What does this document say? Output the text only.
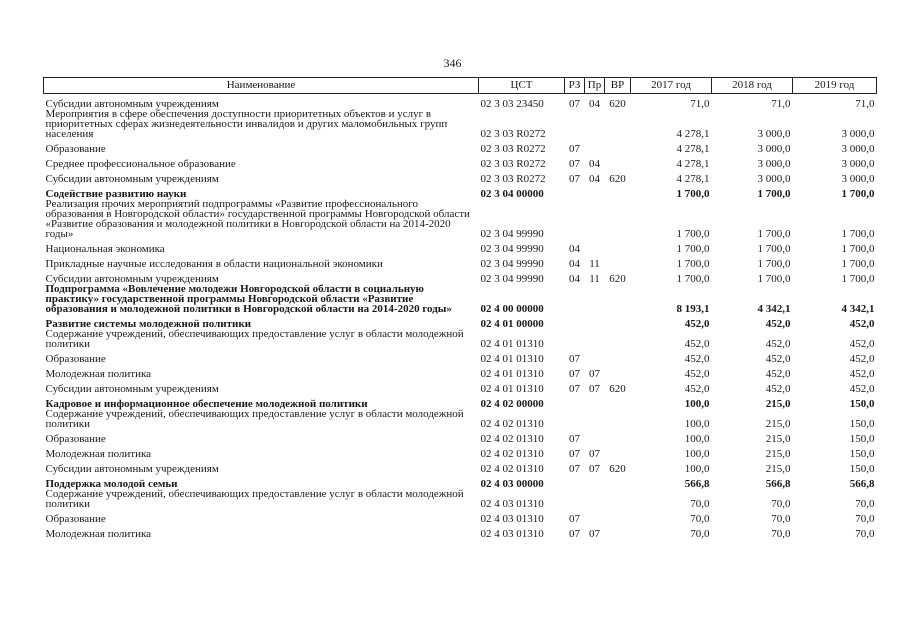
346
Наименование	ЦСТ	РЗ	Пр	ВР	2017 год	2018 год	2019 год
Субсидии автономным учреждениям	02 3 03 23450	07	04	620	71,0	71,0	71,0
Мероприятия в сфере обеспечения доступности приоритетных объектов и услуг в приоритетных сферах жизнедеятельности инвалидов и других маломобильных групп населения	02 3 03 R0272				4 278,1	3 000,0	3 000,0
Образование	02 3 03 R0272	07			4 278,1	3 000,0	3 000,0
Среднее профессиональное образование	02 3 03 R0272	07	04		4 278,1	3 000,0	3 000,0
Субсидии автономным учреждениям	02 3 03 R0272	07	04	620	4 278,1	3 000,0	3 000,0
Содействие развитию науки	02 3 04 00000				1 700,0	1 700,0	1 700,0
Реализация прочих мероприятий подпрограммы «Развитие профессионального образования в Новгородской области» государственной программы Новгородской области «Развитие образования и молодежной политики в Новгородской области на 2014-2020 годы»	02 3 04 99990				1 700,0	1 700,0	1 700,0
Национальная экономика	02 3 04 99990	04			1 700,0	1 700,0	1 700,0
Прикладные научные исследования в области национальной экономики	02 3 04 99990	04	11		1 700,0	1 700,0	1 700,0
Субсидии автономным учреждениям	02 3 04 99990	04	11	620	1 700,0	1 700,0	1 700,0
Подпрограмма «Вовлечение молодежи Новгородской области в социальную практику» государственной программы Новгородской области «Развитие образования и молодежной политики в Новгородской области на 2014-2020 годы»	02 4 00 00000				8 193,1	4 342,1	4 342,1
Развитие системы молодежной политики	02 4 01 00000				452,0	452,0	452,0
Содержание учреждений, обеспечивающих предоставление услуг в области молодежной политики	02 4 01 01310				452,0	452,0	452,0
Образование	02 4 01 01310	07			452,0	452,0	452,0
Молодежная политика	02 4 01 01310	07	07		452,0	452,0	452,0
Субсидии автономным учреждениям	02 4 01 01310	07	07	620	452,0	452,0	452,0
Кадровое и информационное обеспечение молодежной политики	02 4 02 00000				100,0	215,0	150,0
Содержание учреждений, обеспечивающих предоставление услуг в области молодежной политики	02 4 02 01310				100,0	215,0	150,0
Образование	02 4 02 01310	07			100,0	215,0	150,0
Молодежная политика	02 4 02 01310	07	07		100,0	215,0	150,0
Субсидии автономным учреждениям	02 4 02 01310	07	07	620	100,0	215,0	150,0
Поддержка молодой семьи	02 4 03 00000				566,8	566,8	566,8
Содержание учреждений, обеспечивающих предоставление услуг в области молодежной политики	02 4 03 01310				70,0	70,0	70,0
Образование	02 4 03 01310	07			70,0	70,0	70,0
Молодежная политика	02 4 03 01310	07	07		70,0	70,0	70,0
